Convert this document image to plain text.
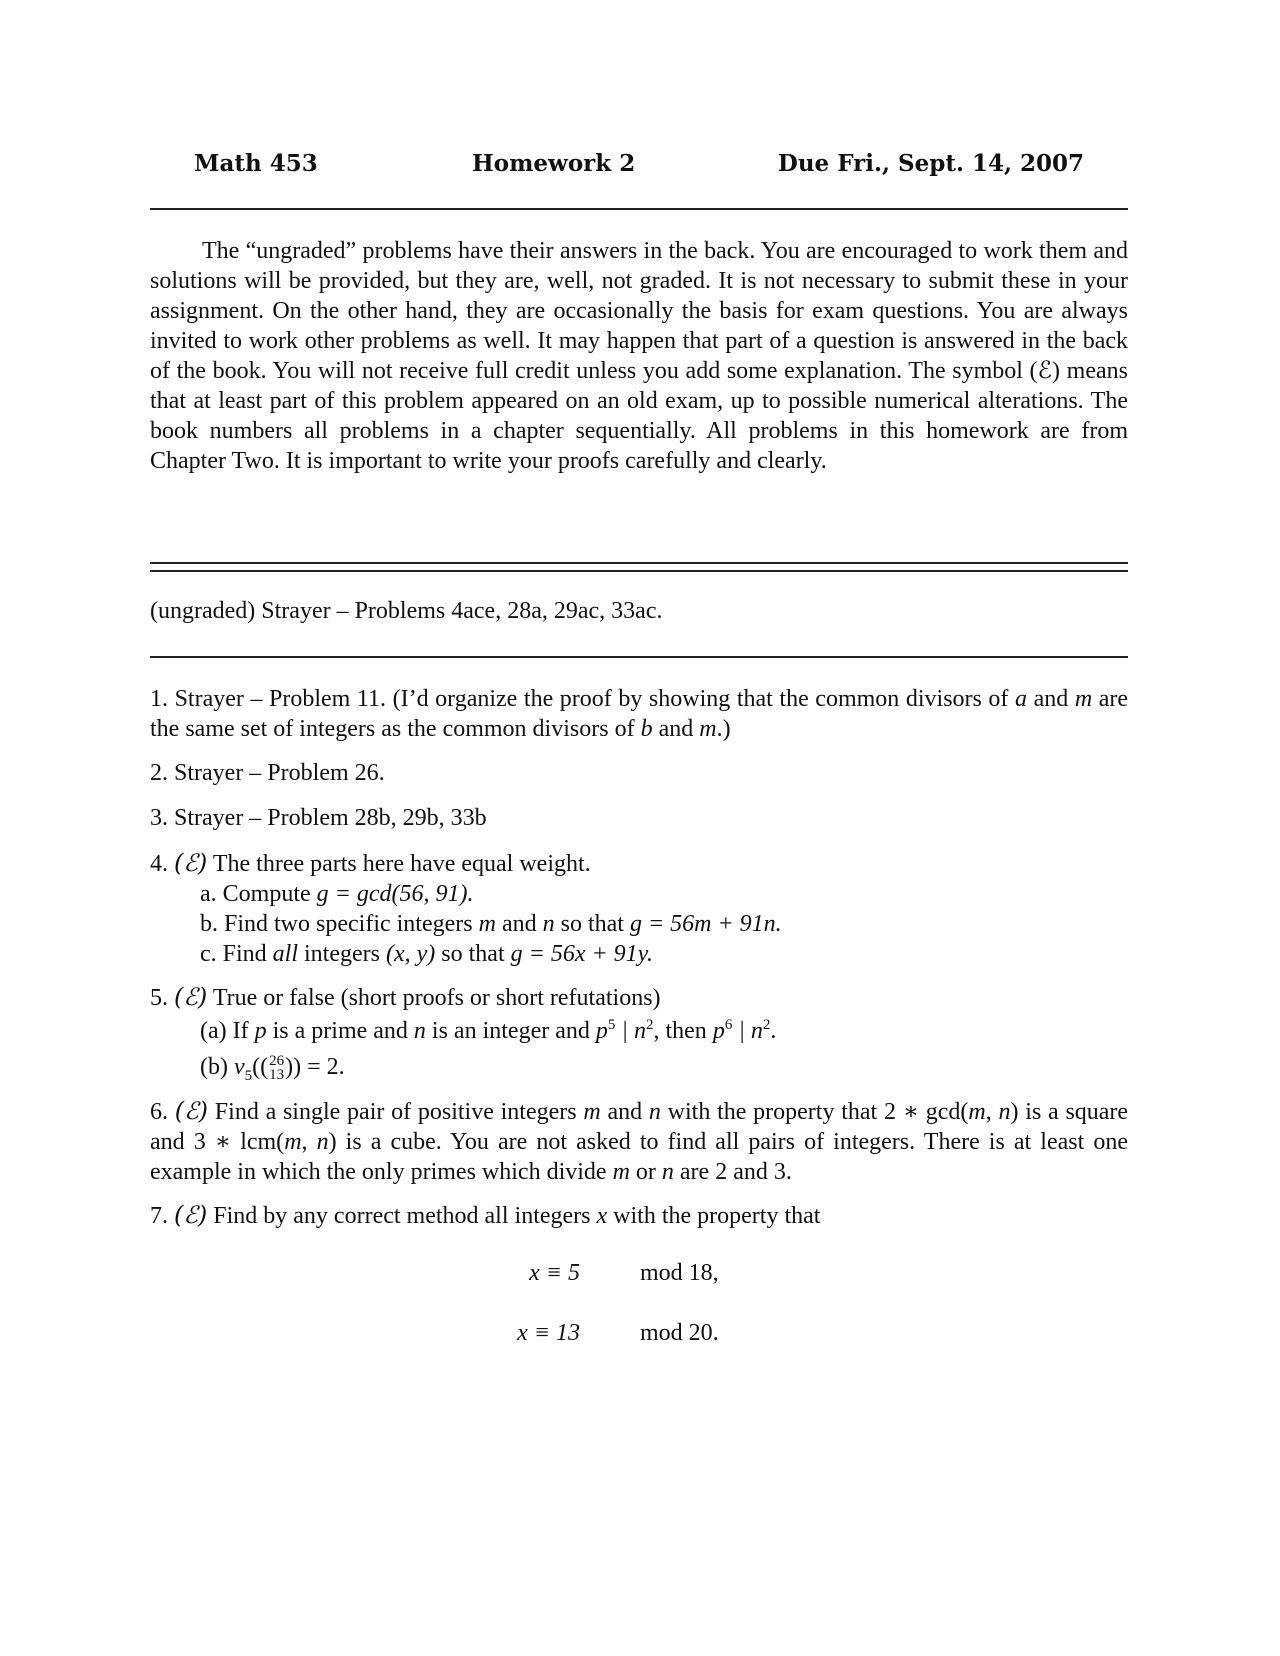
Math 453	Homework 2	Due Fri., Sept. 14, 2007
The “ungraded” problems have their answers in the back. You are encouraged to work them and solutions will be provided, but they are, well, not graded. It is not necessary to submit these in your assignment. On the other hand, they are occasionally the basis for exam questions. You are always invited to work other problems as well. It may happen that part of a question is answered in the back of the book. You will not receive full credit unless you add some explanation. The symbol (ℰ) means that at least part of this problem appeared on an old exam, up to possible numerical alterations. The book numbers all problems in a chapter sequentially. All problems in this homework are from Chapter Two. It is important to write your proofs carefully and clearly.
(ungraded) Strayer – Problems 4ace, 28a, 29ac, 33ac.
1. Strayer – Problem 11. (I’d organize the proof by showing that the common divisors of a and m are the same set of integers as the common divisors of b and m.)
2. Strayer – Problem 26.
3. Strayer – Problem 28b, 29b, 33b
4. (ℰ) The three parts here have equal weight.
a. Compute g = gcd(56, 91).
b. Find two specific integers m and n so that g = 56m + 91n.
c. Find all integers (x, y) so that g = 56x + 91y.
5. (ℰ) True or false (short proofs or short refutations)
(a) If p is a prime and n is an integer and $p^5$ | $n^2$, then $p^6$ | $n^2$.
(b) $\nu_5$(( 26
13 )) = 2.
6. (ℰ) Find a single pair of positive integers m and n with the property that 2 ∗ gcd(m, n) is a square and 3 ∗ lcm(m, n) is a cube. You are not asked to find all pairs of integers. There is at least one example in which the only primes which divide m or n are 2 and 3.
7. (ℰ) Find by any correct method all integers x with the property that
x ≡ 5	mod 18,
x ≡ 13	mod 20.
